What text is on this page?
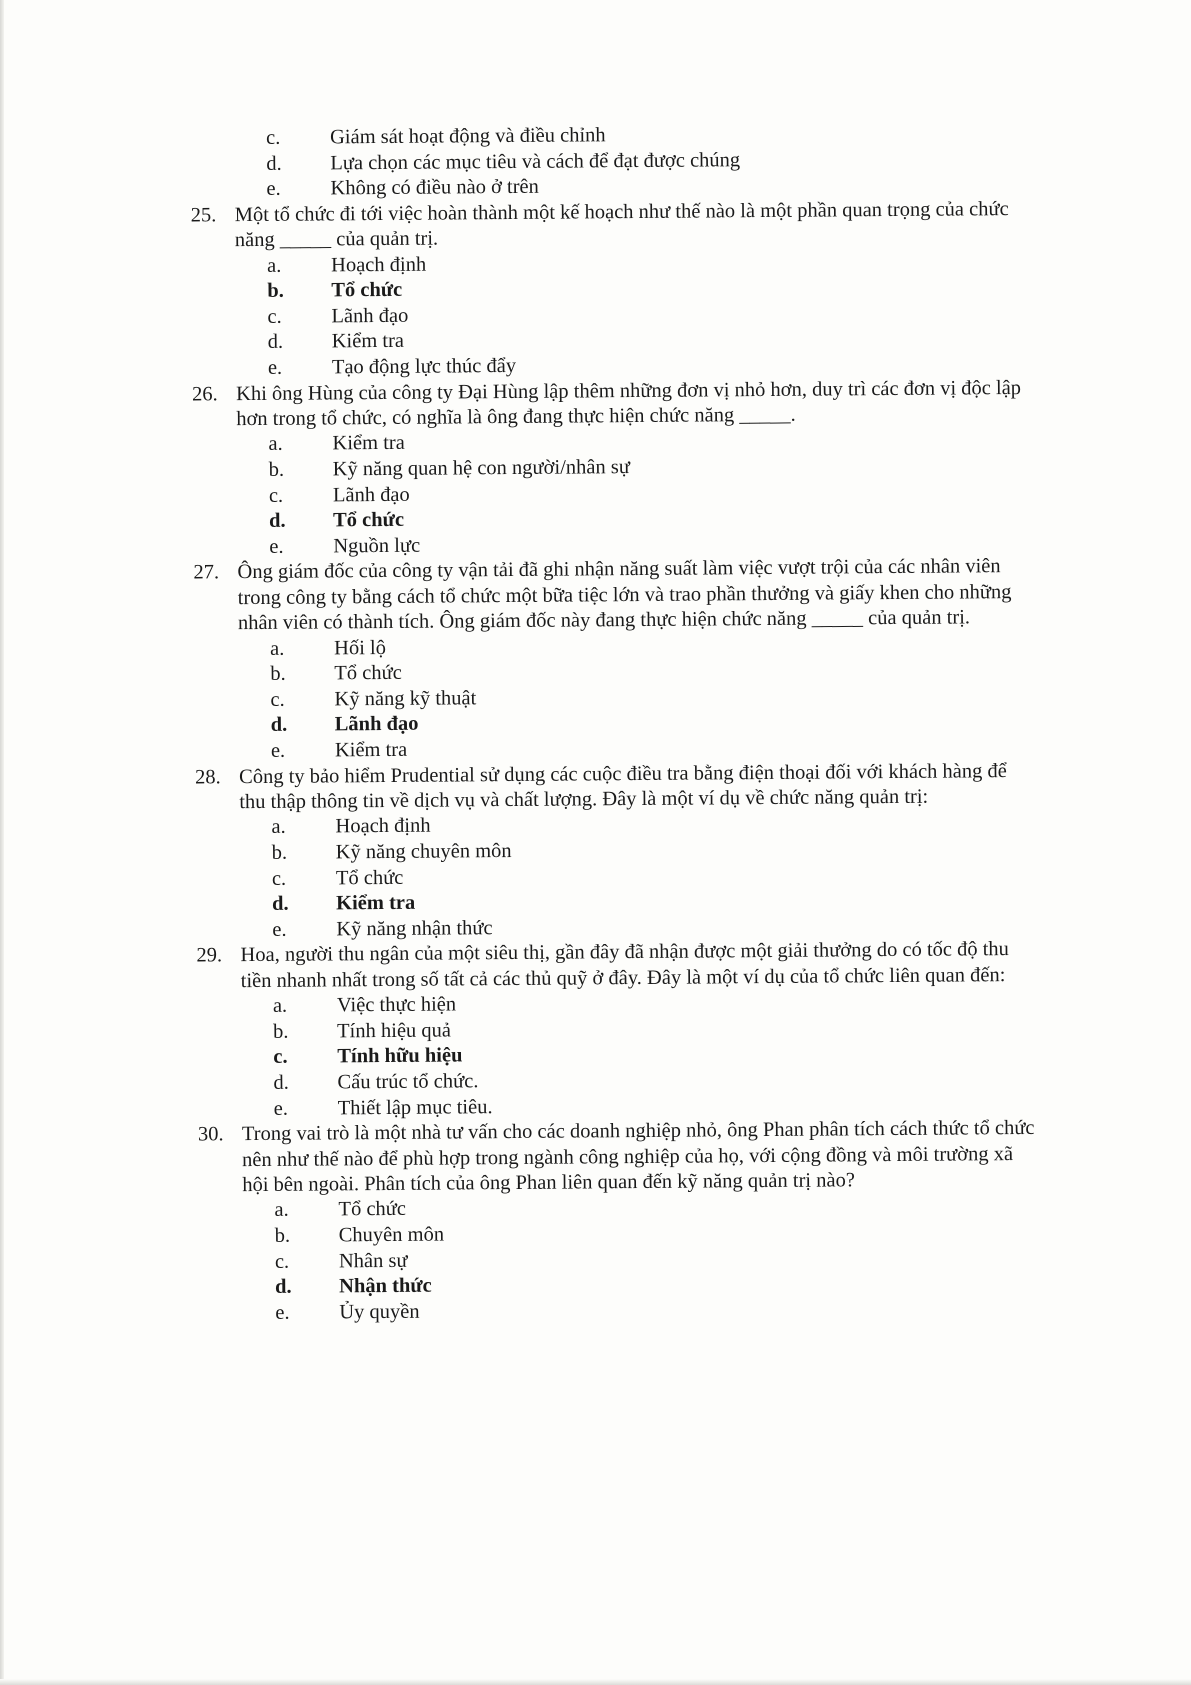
c. Giám sát hoạt động và điều chỉnh
d. Lựa chọn các mục tiêu và cách để đạt được chúng
e. Không có điều nào ở trên
25. Một tổ chức đi tới việc hoàn thành một kế hoạch như thế nào là một phần quan trọng của chức năng _____ của quản trị.
a. Hoạch định
b. Tổ chức
c. Lãnh đạo
d. Kiểm tra
e. Tạo động lực thúc đẩy
26. Khi ông Hùng của công ty Đại Hùng lập thêm những đơn vị nhỏ hơn, duy trì các đơn vị độc lập hơn trong tổ chức, có nghĩa là ông đang thực hiện chức năng _____.
a. Kiểm tra
b. Kỹ năng quan hệ con người/nhân sự
c. Lãnh đạo
d. Tổ chức
e. Nguồn lực
27. Ông giám đốc của công ty vận tải đã ghi nhận năng suất làm việc vượt trội của các nhân viên trong công ty bằng cách tổ chức một bữa tiệc lớn và trao phần thưởng và giấy khen cho những nhân viên có thành tích. Ông giám đốc này đang thực hiện chức năng _____ của quản trị.
a. Hối lộ
b. Tổ chức
c. Kỹ năng kỹ thuật
d. Lãnh đạo
e. Kiểm tra
28. Công ty bảo hiểm Prudential sử dụng các cuộc điều tra bằng điện thoại đối với khách hàng để thu thập thông tin về dịch vụ và chất lượng. Đây là một ví dụ về chức năng quản trị:
a. Hoạch định
b. Kỹ năng chuyên môn
c. Tổ chức
d. Kiểm tra
e. Kỹ năng nhận thức
29. Hoa, người thu ngân của một siêu thị, gần đây đã nhận được một giải thưởng do có tốc độ thu tiền nhanh nhất trong số tất cả các thủ quỹ ở đây. Đây là một ví dụ của tổ chức liên quan đến:
a. Việc thực hiện
b. Tính hiệu quả
c. Tính hữu hiệu
d. Cấu trúc tổ chức.
e. Thiết lập mục tiêu.
30. Trong vai trò là một nhà tư vấn cho các doanh nghiệp nhỏ, ông Phan phân tích cách thức tổ chức nên như thế nào để phù hợp trong ngành công nghiệp của họ, với cộng đồng và môi trường xã hội bên ngoài. Phân tích của ông Phan liên quan đến kỹ năng quản trị nào?
a. Tổ chức
b. Chuyên môn
c. Nhân sự
d. Nhận thức
e. Ủy quyền
